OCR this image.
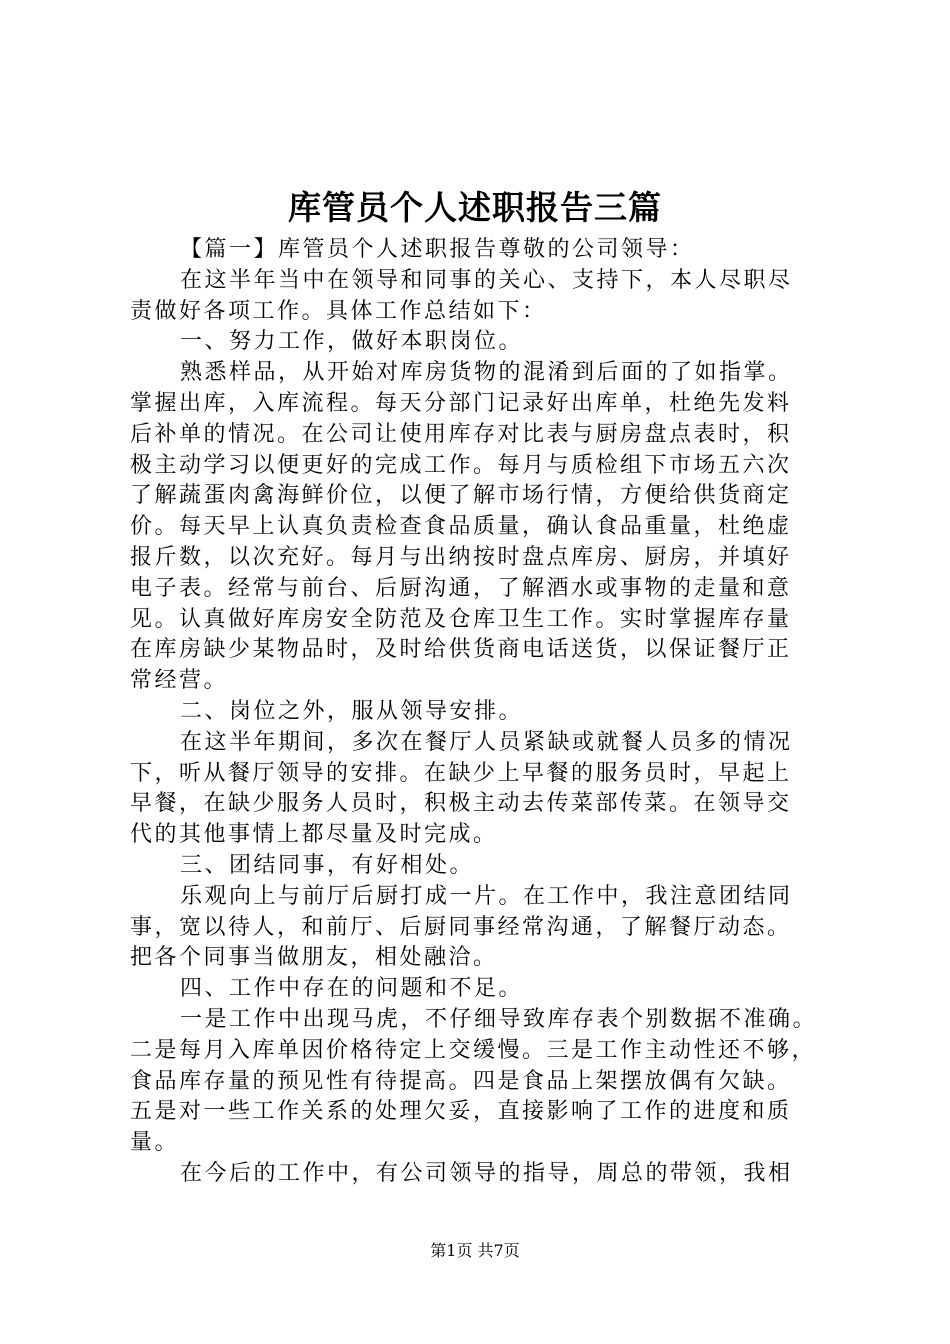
库管员个人述职报告三篇
【篇一】库管员个人述职报告尊敬的公司领导：
在这半年当中在领导和同事的关心、支持下，本人尽职尽
责做好各项工作。具体工作总结如下：
一、努力工作，做好本职岗位。
熟悉样品，从开始对库房货物的混淆到后面的了如指掌。
掌握出库，入库流程。每天分部门记录好出库单，杜绝先发料
后补单的情况。在公司让使用库存对比表与厨房盘点表时，积
极主动学习以便更好的完成工作。每月与质检组下市场五六次
了解蔬蛋肉禽海鲜价位，以便了解市场行情，方便给供货商定
价。每天早上认真负责检查食品质量，确认食品重量，杜绝虚
报斤数，以次充好。每月与出纳按时盘点库房、厨房，并填好
电子表。经常与前台、后厨沟通，了解酒水或事物的走量和意
见。认真做好库房安全防范及仓库卫生工作。实时掌握库存量
在库房缺少某物品时，及时给供货商电话送货，以保证餐厅正
常经营。
二、岗位之外，服从领导安排。
在这半年期间，多次在餐厅人员紧缺或就餐人员多的情况
下，听从餐厅领导的安排。在缺少上早餐的服务员时，早起上
早餐，在缺少服务人员时，积极主动去传菜部传菜。在领导交
代的其他事情上都尽量及时完成。
三、团结同事，有好相处。
乐观向上与前厅后厨打成一片。在工作中，我注意团结同
事，宽以待人，和前厅、后厨同事经常沟通，了解餐厅动态。
把各个同事当做朋友，相处融洽。
四、工作中存在的问题和不足。
一是工作中出现马虎，不仔细导致库存表个别数据不准确。
二是每月入库单因价格待定上交缓慢。三是工作主动性还不够，
食品库存量的预见性有待提高。四是食品上架摆放偶有欠缺。
五是对一些工作关系的处理欠妥，直接影响了工作的进度和质
量。
在今后的工作中，有公司领导的指导，周总的带领，我相
第1页 共7页
